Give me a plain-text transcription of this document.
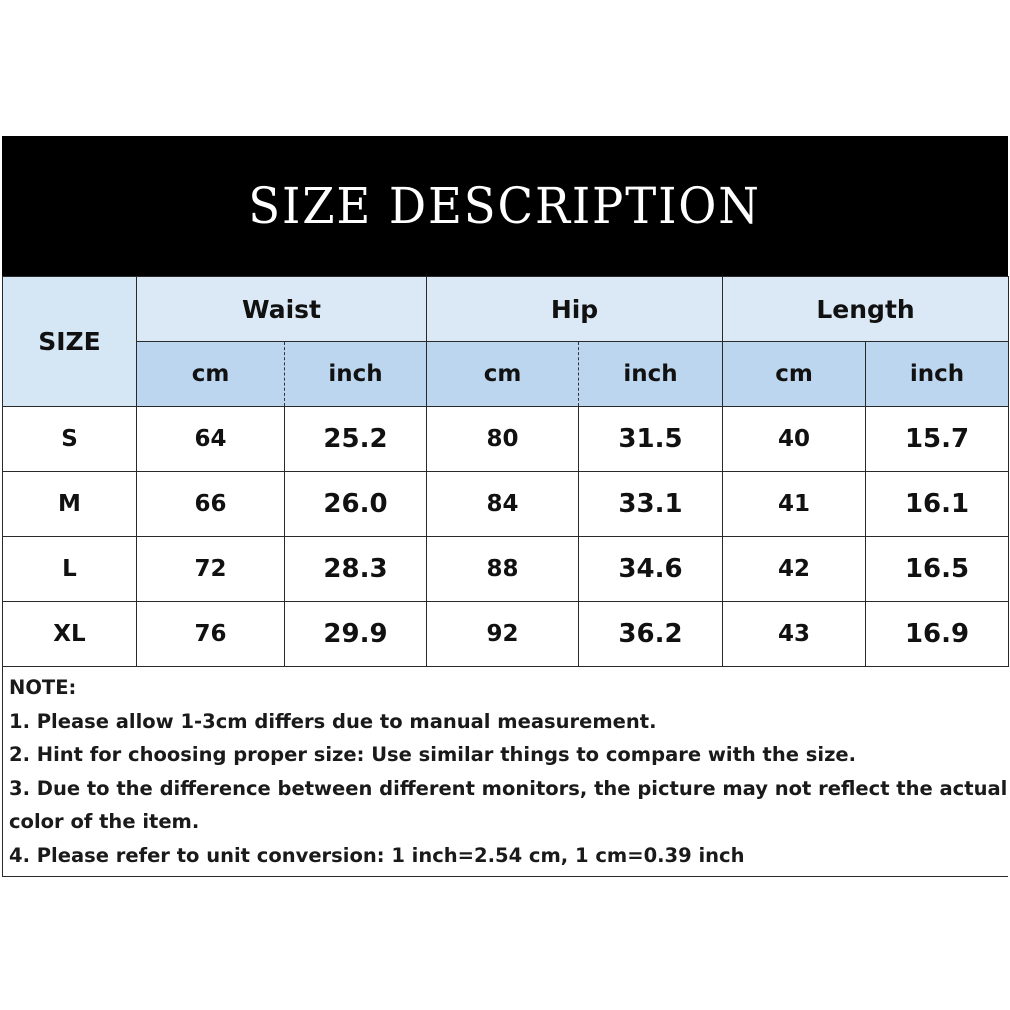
SIZE DESCRIPTION
SIZE	Waist		Hip		Length	
	cm	inch	cm	inch	cm	inch
S	64	25.2	80	31.5	40	15.7
M	66	26.0	84	33.1	41	16.1
L	72	28.3	88	34.6	42	16.5
XL	76	29.9	92	36.2	43	16.9
NOTE:
1. Please allow 1-3cm differs due to manual measurement.
2. Hint for choosing proper size: Use similar things to compare with the size.
3. Due to the difference between different monitors, the picture may not reflect the actual
color of the item.
4. Please refer to unit conversion: 1 inch=2.54 cm, 1 cm=0.39 inch
